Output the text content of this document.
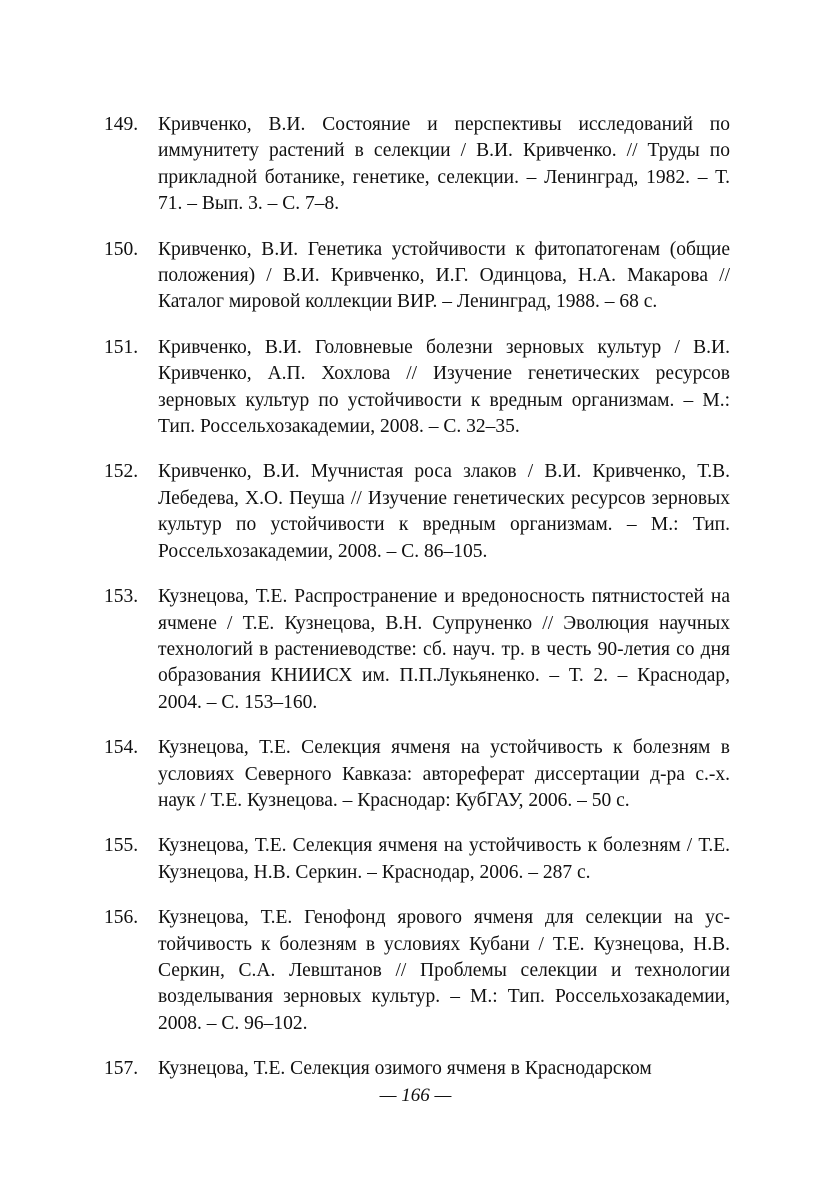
149.	Кривченко, В.И. Состояние и перспективы исследований по иммунитету растений в селекции / В.И. Кривченко. // Труды по прикладной ботанике, генетике, селекции. – Ленинград, 1982. – Т. 71. – Вып. 3. – С. 7–8.
150.	Кривченко, В.И. Генетика устойчивости к фитопатогенам (общие положения) / В.И. Кривченко, И.Г. Одинцова, Н.А. Макарова // Каталог мировой коллекции ВИР. – Ленинград, 1988. – 68 с.
151.	Кривченко, В.И. Головневые болезни зерновых культур / В.И. Кривченко, А.П. Хохлова // Изучение генетических ресурсов зерновых культур по устойчивости к вредным организмам. – М.: Тип. Россельхозакадемии, 2008. – С. 32–35.
152.	Кривченко, В.И. Мучнистая роса злаков / В.И. Кривченко, Т.В. Лебедева, Х.О. Пеуша // Изучение генетических ресурсов зерновых культур по устойчивости к вредным организмам. – М.: Тип. Россельхозакадемии, 2008. – С. 86–105.
153.	Кузнецова, Т.Е. Распространение и вредоносность пятнистостей на ячмене / Т.Е. Кузнецова, В.Н. Супруненко // Эволюция научных технологий в растениеводстве: сб. науч. тр. в честь 90-летия со дня образования КНИИСХ им. П.П.Лукьяненко. – Т. 2. – Краснодар, 2004. – С. 153–160.
154.	Кузнецова, Т.Е. Селекция ячменя на устойчивость к болезням в условиях Северного Кавказа: автореферат диссертации д-ра с.-х. наук / Т.Е. Кузнецова. – Краснодар: КубГАУ, 2006. – 50 с.
155.	Кузнецова, Т.Е. Селекция ячменя на устойчивость к болезням / Т.Е. Кузнецова, Н.В. Серкин. – Краснодар, 2006. – 287 с.
156.	Кузнецова, Т.Е. Генофонд ярового ячменя для селекции на устойчивость к болезням в условиях Кубани / Т.Е. Кузнецова, Н.В. Серкин, С.А. Левштанов // Проблемы селекции и технологии возделывания зерновых культур. – М.: Тип. Россельхозакадемии, 2008. – С. 96–102.
157.	Кузнецова, Т.Е. Селекция озимого ячменя в Краснодарском
— 166 —
